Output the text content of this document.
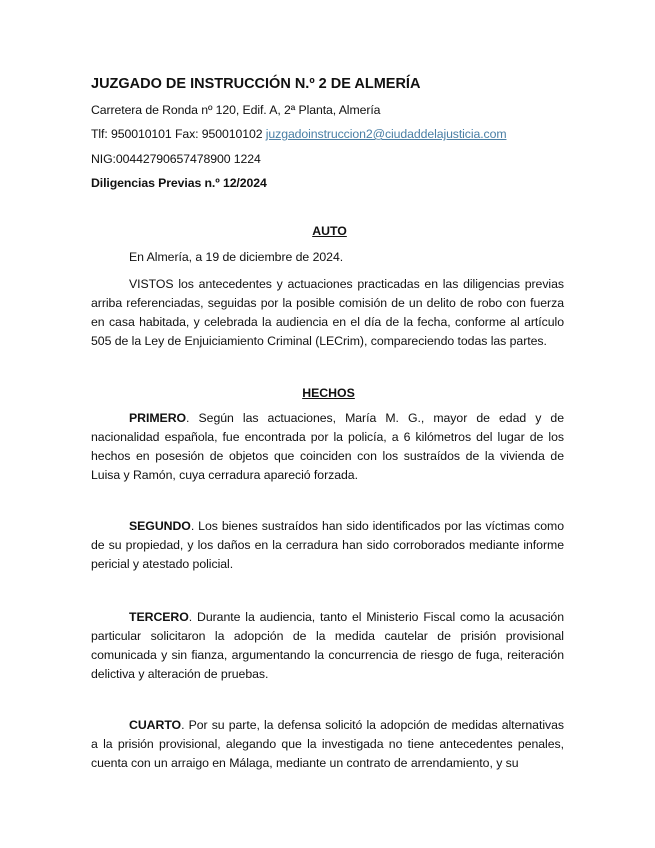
JUZGADO DE INSTRUCCIÓN N.º 2 DE ALMERÍA
Carretera de Ronda nº 120, Edif. A, 2ª Planta, Almería
Tlf: 950010101 Fax: 950010102 juzgadoinstruccion2@ciudaddelajusticia.com
NIG:00442790657478900 1224
Diligencias Previas n.º 12/2024
AUTO
En Almería, a 19 de diciembre de 2024.
VISTOS los antecedentes y actuaciones practicadas en las diligencias previas arriba referenciadas, seguidas por la posible comisión de un delito de robo con fuerza en casa habitada, y celebrada la audiencia en el día de la fecha, conforme al artículo 505 de la Ley de Enjuiciamiento Criminal (LECrim), compareciendo todas las partes.
HECHOS
PRIMERO. Según las actuaciones, María M. G., mayor de edad y de nacionalidad española, fue encontrada por la policía, a 6 kilómetros del lugar de los hechos en posesión de objetos que coinciden con los sustraídos de la vivienda de Luisa y Ramón, cuya cerradura apareció forzada.
SEGUNDO. Los bienes sustraídos han sido identificados por las víctimas como de su propiedad, y los daños en la cerradura han sido corroborados mediante informe pericial y atestado policial.
TERCERO. Durante la audiencia, tanto el Ministerio Fiscal como la acusación particular solicitaron la adopción de la medida cautelar de prisión provisional comunicada y sin fianza, argumentando la concurrencia de riesgo de fuga, reiteración delictiva y alteración de pruebas.
CUARTO. Por su parte, la defensa solicitó la adopción de medidas alternativas a la prisión provisional, alegando que la investigada no tiene antecedentes penales, cuenta con un arraigo en Málaga, mediante un contrato de arrendamiento, y su
